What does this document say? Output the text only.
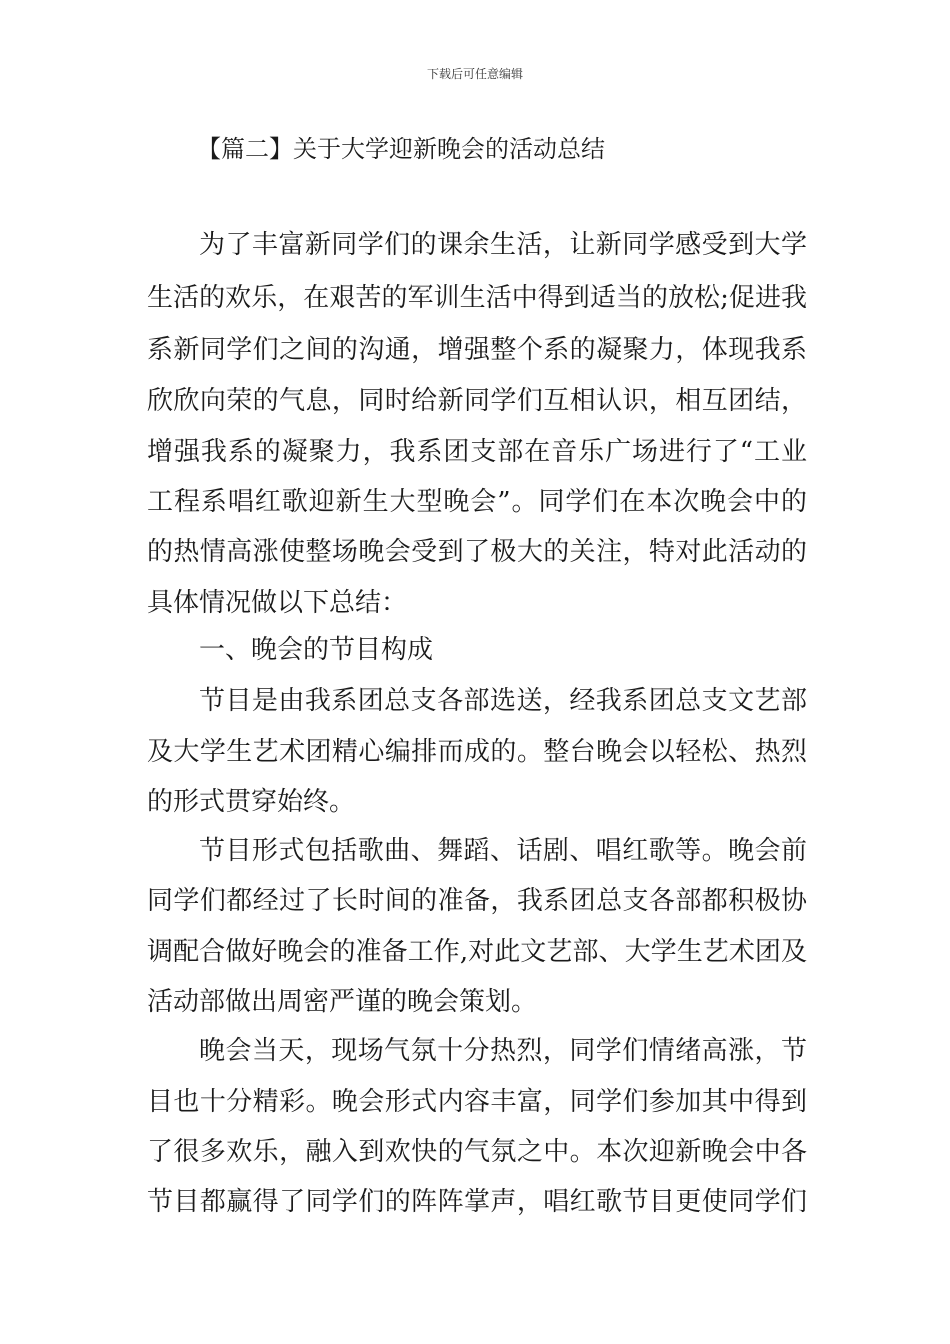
下载后可任意编辑
【篇二】关于大学迎新晚会的活动总结
为了丰富新同学们的课余生活，让新同学感受到大学
生活的欢乐，在艰苦的军训生活中得到适当的放松;促进我
系新同学们之间的沟通，增强整个系的凝聚力，体现我系
欣欣向荣的气息，同时给新同学们互相认识，相互团结，
增强我系的凝聚力，我系团支部在音乐广场进行了“工业
工程系唱红歌迎新生大型晚会”。同学们在本次晚会中的
的热情高涨使整场晚会受到了极大的关注，特对此活动的
具体情况做以下总结：
一、晚会的节目构成
节目是由我系团总支各部选送，经我系团总支文艺部
及大学生艺术团精心编排而成的。整台晚会以轻松、热烈
的形式贯穿始终。
节目形式包括歌曲、舞蹈、话剧、唱红歌等。晚会前
同学们都经过了长时间的准备，我系团总支各部都积极协
调配合做好晚会的准备工作,对此文艺部、大学生艺术团及
活动部做出周密严谨的晚会策划。
晚会当天，现场气氛十分热烈，同学们情绪高涨，节
目也十分精彩。晚会形式内容丰富，同学们参加其中得到
了很多欢乐，融入到欢快的气氛之中。本次迎新晚会中各
节目都赢得了同学们的阵阵掌声，唱红歌节目更使同学们
